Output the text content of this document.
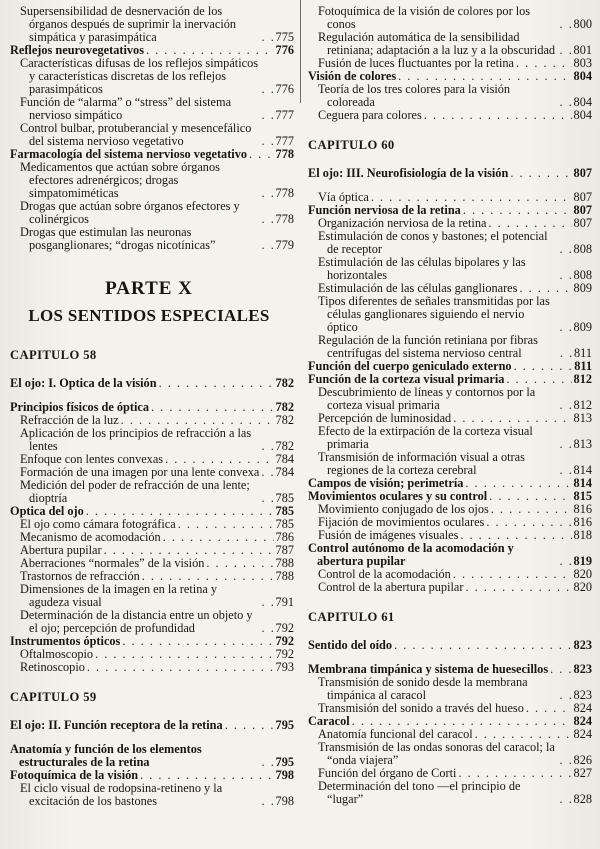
Supersensibilidad de desnervación de los órganos después de suprimir la inervación simpática y parasimpática . . .	775
Reflejos neurovegetativos . . .	776
Características difusas de los reflejos simpáticos y características discretas de los reflejos parasimpáticos . . .	776
Función de “alarma” o “stress” del sistema nervioso simpático . . .	777
Control bulbar, protuberancial y mesencefálico del sistema nervioso vegetativo . . .	777
Farmacología del sistema nervioso vegetativo . . . 778
Medicamentos que actúan sobre órganos efectores adrenérgicos; drogas simpatomiméticas . . .	778
Drogas que actúan sobre órganos efectores y colinérgicos . . .	778
Drogas que estimulan las neuronas posganglionares; “drogas nicotínicas” . . .	779
PARTE X
LOS SENTIDOS ESPECIALES
CAPITULO 58
El ojo: I. Optica de la visión . . .	782
Principios físicos de óptica . . .	782
Refracción de la luz . . .	782
Aplicación de los principios de refracción a las lentes . . .	782
Enfoque con lentes convexas . . .	784
Formación de una imagen por una lente convexa . . . 784
Medición del poder de refracción de una lente; dioptría . . .	785
Optica del ojo . . .	785
El ojo como cámara fotográfica . . .	785
Mecanismo de acomodación . . .	786
Abertura pupilar . . .	787
Aberraciones “normales” de la visión . . .	788
Trastornos de refracción . . .	788
Dimensiones de la imagen en la retina y agudeza visual . . .	791
Determinación de la distancia entre un objeto y el ojo; percepción de profundidad . . .	792
Instrumentos ópticos . . .	792
Oftalmoscopio . . .	792
Retinoscopio . . .	793
CAPITULO 59
El ojo: II. Función receptora de la retina . . .	795
Anatomía y función de los elementos estructurales de la retina . . .	795
Fotoquímica de la visión . . .	798
El ciclo visual de rodopsina-retineno y la excitación de los bastones . . .	798
Fotoquímica de la visión de colores por los conos . . .	800
Regulación automática de la sensibilidad retiniana; adaptación a la luz y a la obscuridad . . . 801
Fusión de luces fluctuantes por la retina . . .	803
Visión de colores . . .	804
Teoría de los tres colores para la visión coloreada . . .	804
Ceguera para colores . . .	804
CAPITULO 60
El ojo: III. Neurofisiología de la visión . . .	807
Vía óptica . . .	807
Función nerviosa de la retina . . .	807
Organización nerviosa de la retina . . .	807
Estimulación de conos y bastones; el potencial de receptor . . .	808
Estimulación de las células bipolares y las horizontales . . .	808
Estimulación de las células ganglionares . . .	809
Tipos diferentes de señales transmitidas por las células ganglionares siguiendo el nervio óptico . . .	809
Regulación de la función retiniana por fibras centrífugas del sistema nervioso central . . .	811
Función del cuerpo geniculado externo . . .	811
Función de la corteza visual primaria . . .	812
Descubrimiento de líneas y contornos por la corteza visual primaria . . .	812
Percepción de luminosidad . . .	813
Efecto de la extirpación de la corteza visual primaria . . .	813
Transmisión de información visual a otras regiones de la corteza cerebral . . .	814
Campos de visión; perimetría . . .	814
Movimientos oculares y su control . . .	815
Movimiento conjugado de los ojos . . .	816
Fijación de movimientos oculares . . .	816
Fusión de imágenes visuales . . .	818
Control autónomo de la acomodación y abertura pupilar . . .	819
Control de la acomodación . . .	820
Control de la abertura pupilar . . .	820
CAPITULO 61
Sentido del oído . . .	823
Membrana timpánica y sistema de huesecillos . . . 823
Transmisión de sonido desde la membrana timpánica al caracol . . .	823
Transmisión del sonido a través del hueso . . .	824
Caracol . . .	824
Anatomía funcional del caracol . . .	824
Transmisión de las ondas sonoras del caracol; la “onda viajera” . . .	826
Función del órgano de Corti . . .	827
Determinación del tono —el principio de “lugar” . . .	828
